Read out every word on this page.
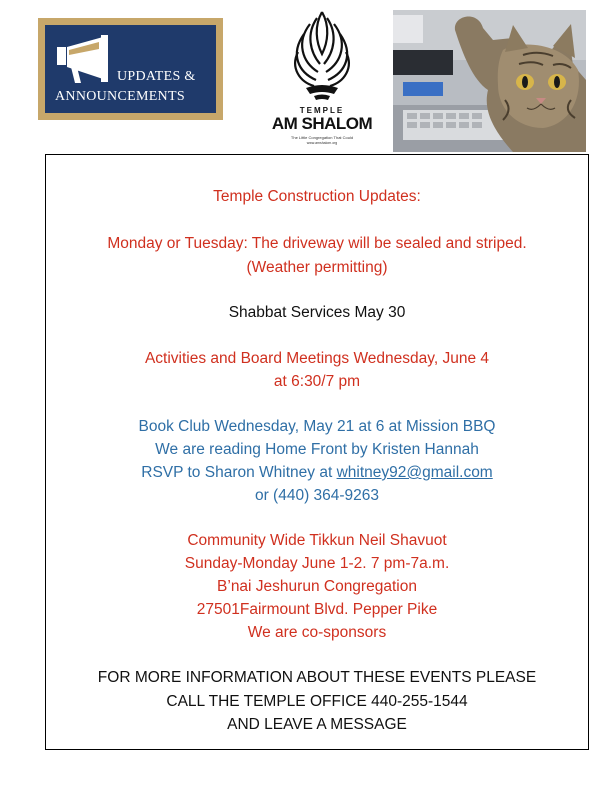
UPDATES &
ANNOUNCEMENTS
TEMPLE
AM SHALOM
The Little Congregation That Could
www.amshalom.org
Temple Construction Updates:
Monday or Tuesday: The driveway will be sealed and striped.
(Weather permitting)
Shabbat Services May 30
Activities and Board Meetings Wednesday, June 4
at 6:30/7 pm
Book Club Wednesday, May 21 at 6 at Mission BBQ
We are reading Home Front by Kristen Hannah
RSVP to Sharon Whitney at whitney92@gmail.com
or (440) 364-9263
Community Wide Tikkun Neil Shavuot
Sunday-Monday June 1-2. 7 pm-7a.m.
B’nai Jeshurun Congregation
27501Fairmount Blvd. Pepper Pike
We are co-sponsors
FOR MORE INFORMATION ABOUT THESE EVENTS PLEASE
CALL THE TEMPLE OFFICE 440-255-1544
AND LEAVE A MESSAGE
